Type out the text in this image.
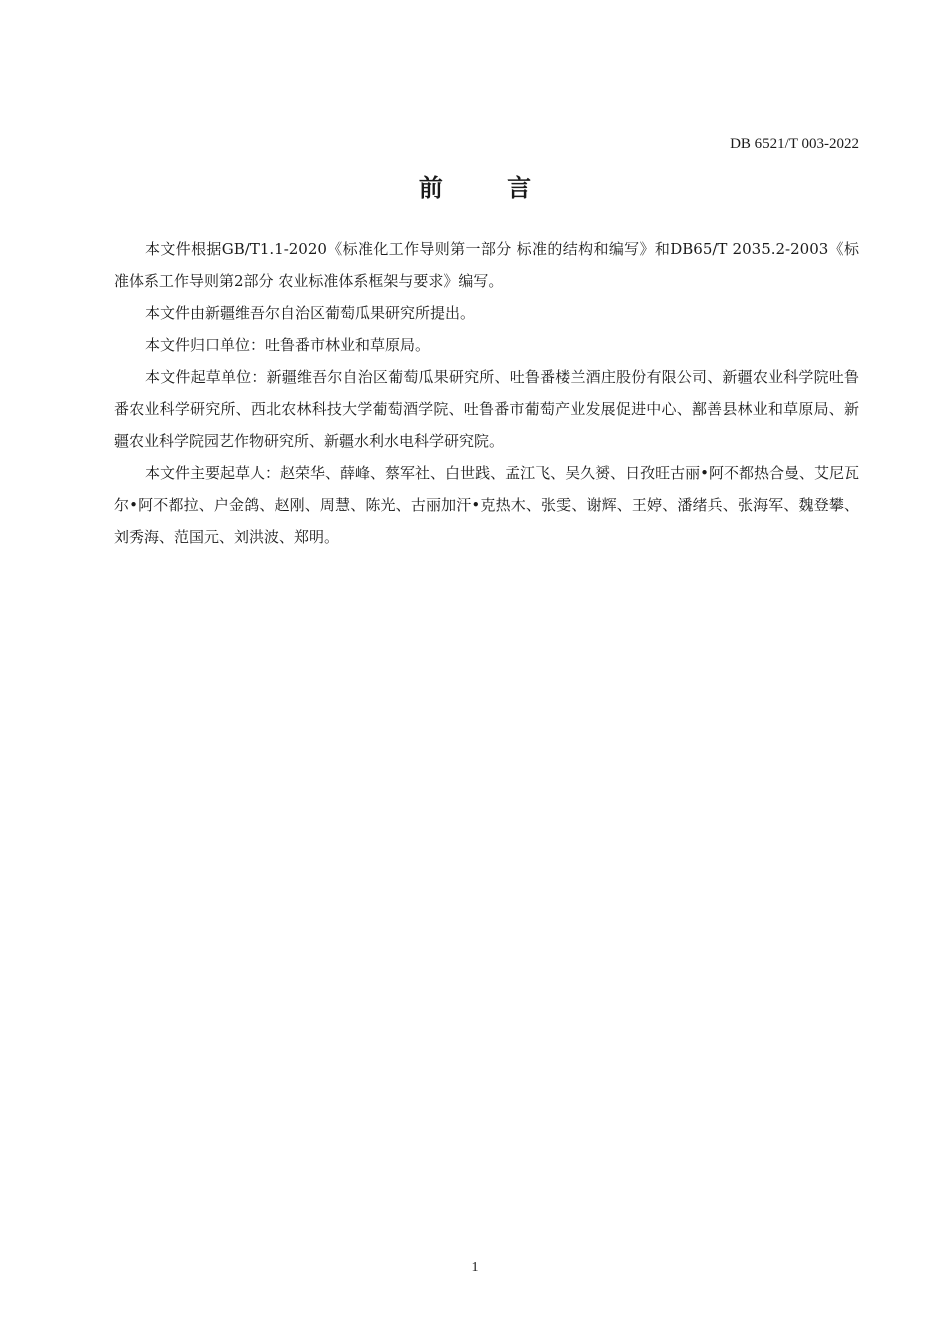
DB 6521/T 003-2022
前 言

本文件根据GB/T1.1-2020《标准化工作导则第一部分 标准的结构和编写》和DB65/T 2035.2-2003《标准体系工作导则第2部分 农业标准体系框架与要求》编写。

本文件由新疆维吾尔自治区葡萄瓜果研究所提出。

本文件归口单位：吐鲁番市林业和草原局。

本文件起草单位：新疆维吾尔自治区葡萄瓜果研究所、吐鲁番楼兰酒庄股份有限公司、新疆农业科学院吐鲁番农业科学研究所、西北农林科技大学葡萄酒学院、吐鲁番市葡萄产业发展促进中心、鄯善县林业和草原局、新疆农业科学院园艺作物研究所、新疆水利水电科学研究院。

本文件主要起草人：赵荣华、薛峰、蔡军社、白世践、孟江飞、吴久赟、日孜旺古丽•阿不都热合曼、艾尼瓦尔•阿不都拉、户金鸽、赵刚、周慧、陈光、古丽加汗•克热木、张雯、谢辉、王婷、潘绪兵、张海军、魏登攀、刘秀海、范国元、刘洪波、郑明。

1
